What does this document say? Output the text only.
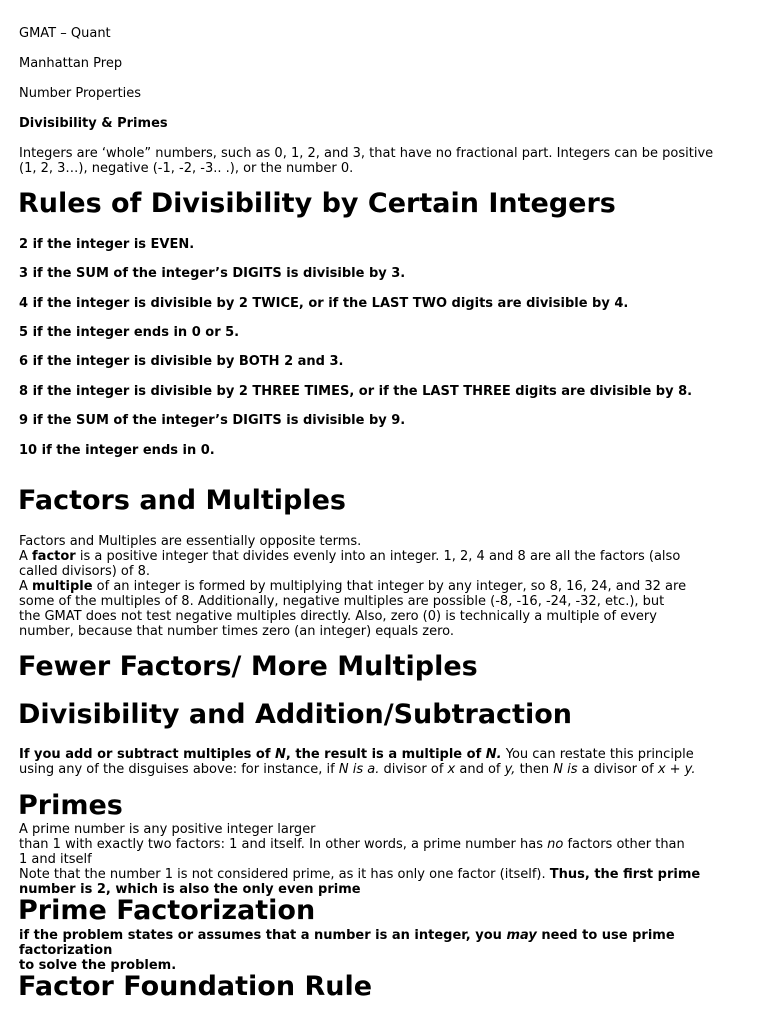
GMAT – Quant
Manhattan Prep
Number Properties
Divisibility & Primes
Integers are ‘whole” numbers, such as 0, 1, 2, and 3, that have no fractional part. Integers can be positive
(1, 2, 3…), negative (-1, -2, -3.. .), or the number 0.
Rules of Divisibility by Certain Integers
2 if the integer is EVEN.
3 if the SUM of the integer’s DIGITS is divisible by 3.
4 if the integer is divisible by 2 TWICE, or if the LAST TWO digits are divisible by 4.
5 if the integer ends in 0 or 5.
6 if the integer is divisible by BOTH 2 and 3.
8 if the integer is divisible by 2 THREE TIMES, or if the LAST THREE digits are divisible by 8.
9 if the SUM of the integer’s DIGITS is divisible by 9.
10 if the integer ends in 0.
Factors and Multiples
Factors and Multiples are essentially opposite terms.
A factor is a positive integer that divides evenly into an integer. 1, 2, 4 and 8 are all the factors (also
called divisors) of 8.
A multiple of an integer is formed by multiplying that integer by any integer, so 8, 16, 24, and 32 are
some of the multiples of 8. Additionally, negative multiples are possible (-8, -16, -24, -32, etc.), but
the GMAT does not test negative multiples directly. Also, zero (0) is technically a multiple of every
number, because that number times zero (an integer) equals zero.
Fewer Factors/ More Multiples
Divisibility and Addition/Subtraction
If you add or subtract multiples of N, the result is a multiple of N. You can restate this principle
using any of the disguises above: for instance, if N is a. divisor of x and of y, then N is a divisor of x + y.
Primes
A prime number is any positive integer larger
than 1 with exactly two factors: 1 and itself. In other words, a prime number has no factors other than
1 and itself
Note that the number 1 is not considered prime, as it has only one factor (itself). Thus, the first prime
number is 2, which is also the only even prime
Prime Factorization
if the problem states or assumes that a number is an integer, you may need to use prime
factorization
to solve the problem.
Factor Foundation Rule
